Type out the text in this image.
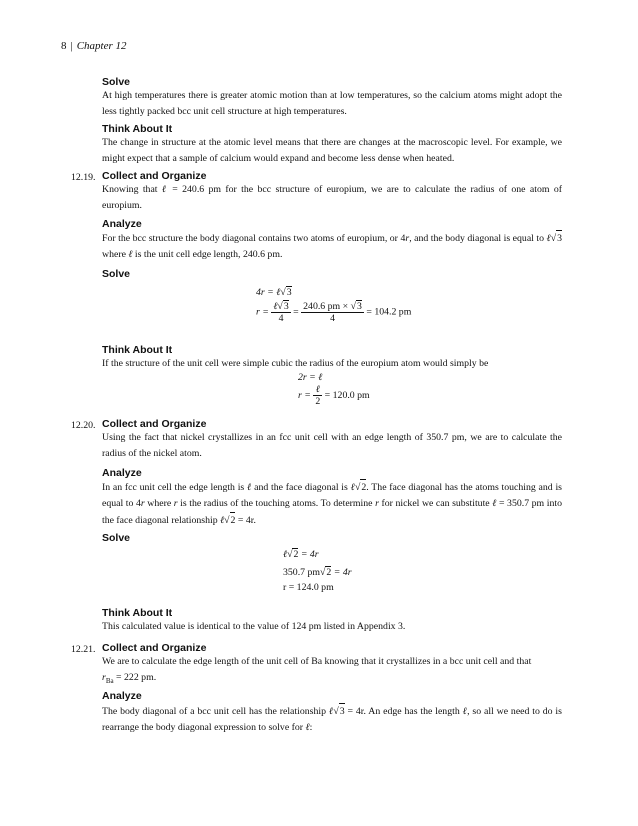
8 | Chapter 12
Solve
At high temperatures there is greater atomic motion than at low temperatures, so the calcium atoms might adopt the less tightly packed bcc unit cell structure at high temperatures.
Think About It
The change in structure at the atomic level means that there are changes at the macroscopic level. For example, we might expect that a sample of calcium would expand and become less dense when heated.
12.19. Collect and Organize
Knowing that ℓ = 240.6 pm for the bcc structure of europium, we are to calculate the radius of one atom of europium.
Analyze
For the bcc structure the body diagonal contains two atoms of europium, or 4r, and the body diagonal is equal to ℓ√3 where ℓ is the unit cell edge length, 240.6 pm.
Solve
4r = ℓ√3
$r = \frac{\text{ℓ√3}}{4} = \frac{240.6 pm \times √3}{4} = 104.2$ pm
Think About It
If the structure of the unit cell were simple cubic the radius of the europium atom would simply be
2r = ℓ
$r = \frac{\text{ℓ}}{2} = 120.0$ pm
12.20. Collect and Organize
Using the fact that nickel crystallizes in an fcc unit cell with an edge length of 350.7 pm, we are to calculate the radius of the nickel atom.
Analyze
In an fcc unit cell the edge length is ℓ and the face diagonal is ℓ√2. The face diagonal has the atoms touching and is equal to 4r where r is the radius of the touching atoms. To determine r for nickel we can substitute ℓ = 350.7 pm into the face diagonal relationship ℓ√2 = 4r.
Solve
ℓ√2 = 4r
350.7 pm√2 = 4r
r = 124.0 pm
Think About It
This calculated value is identical to the value of 124 pm listed in Appendix 3.
12.21. Collect and Organize
We are to calculate the edge length of the unit cell of Ba knowing that it crystallizes in a bcc unit cell and that
$r_{Ba} = 222$ pm.
Analyze
The body diagonal of a bcc unit cell has the relationship ℓ√3 = 4r. An edge has the length ℓ, so all we need to do is rearrange the body diagonal expression to solve for ℓ:
